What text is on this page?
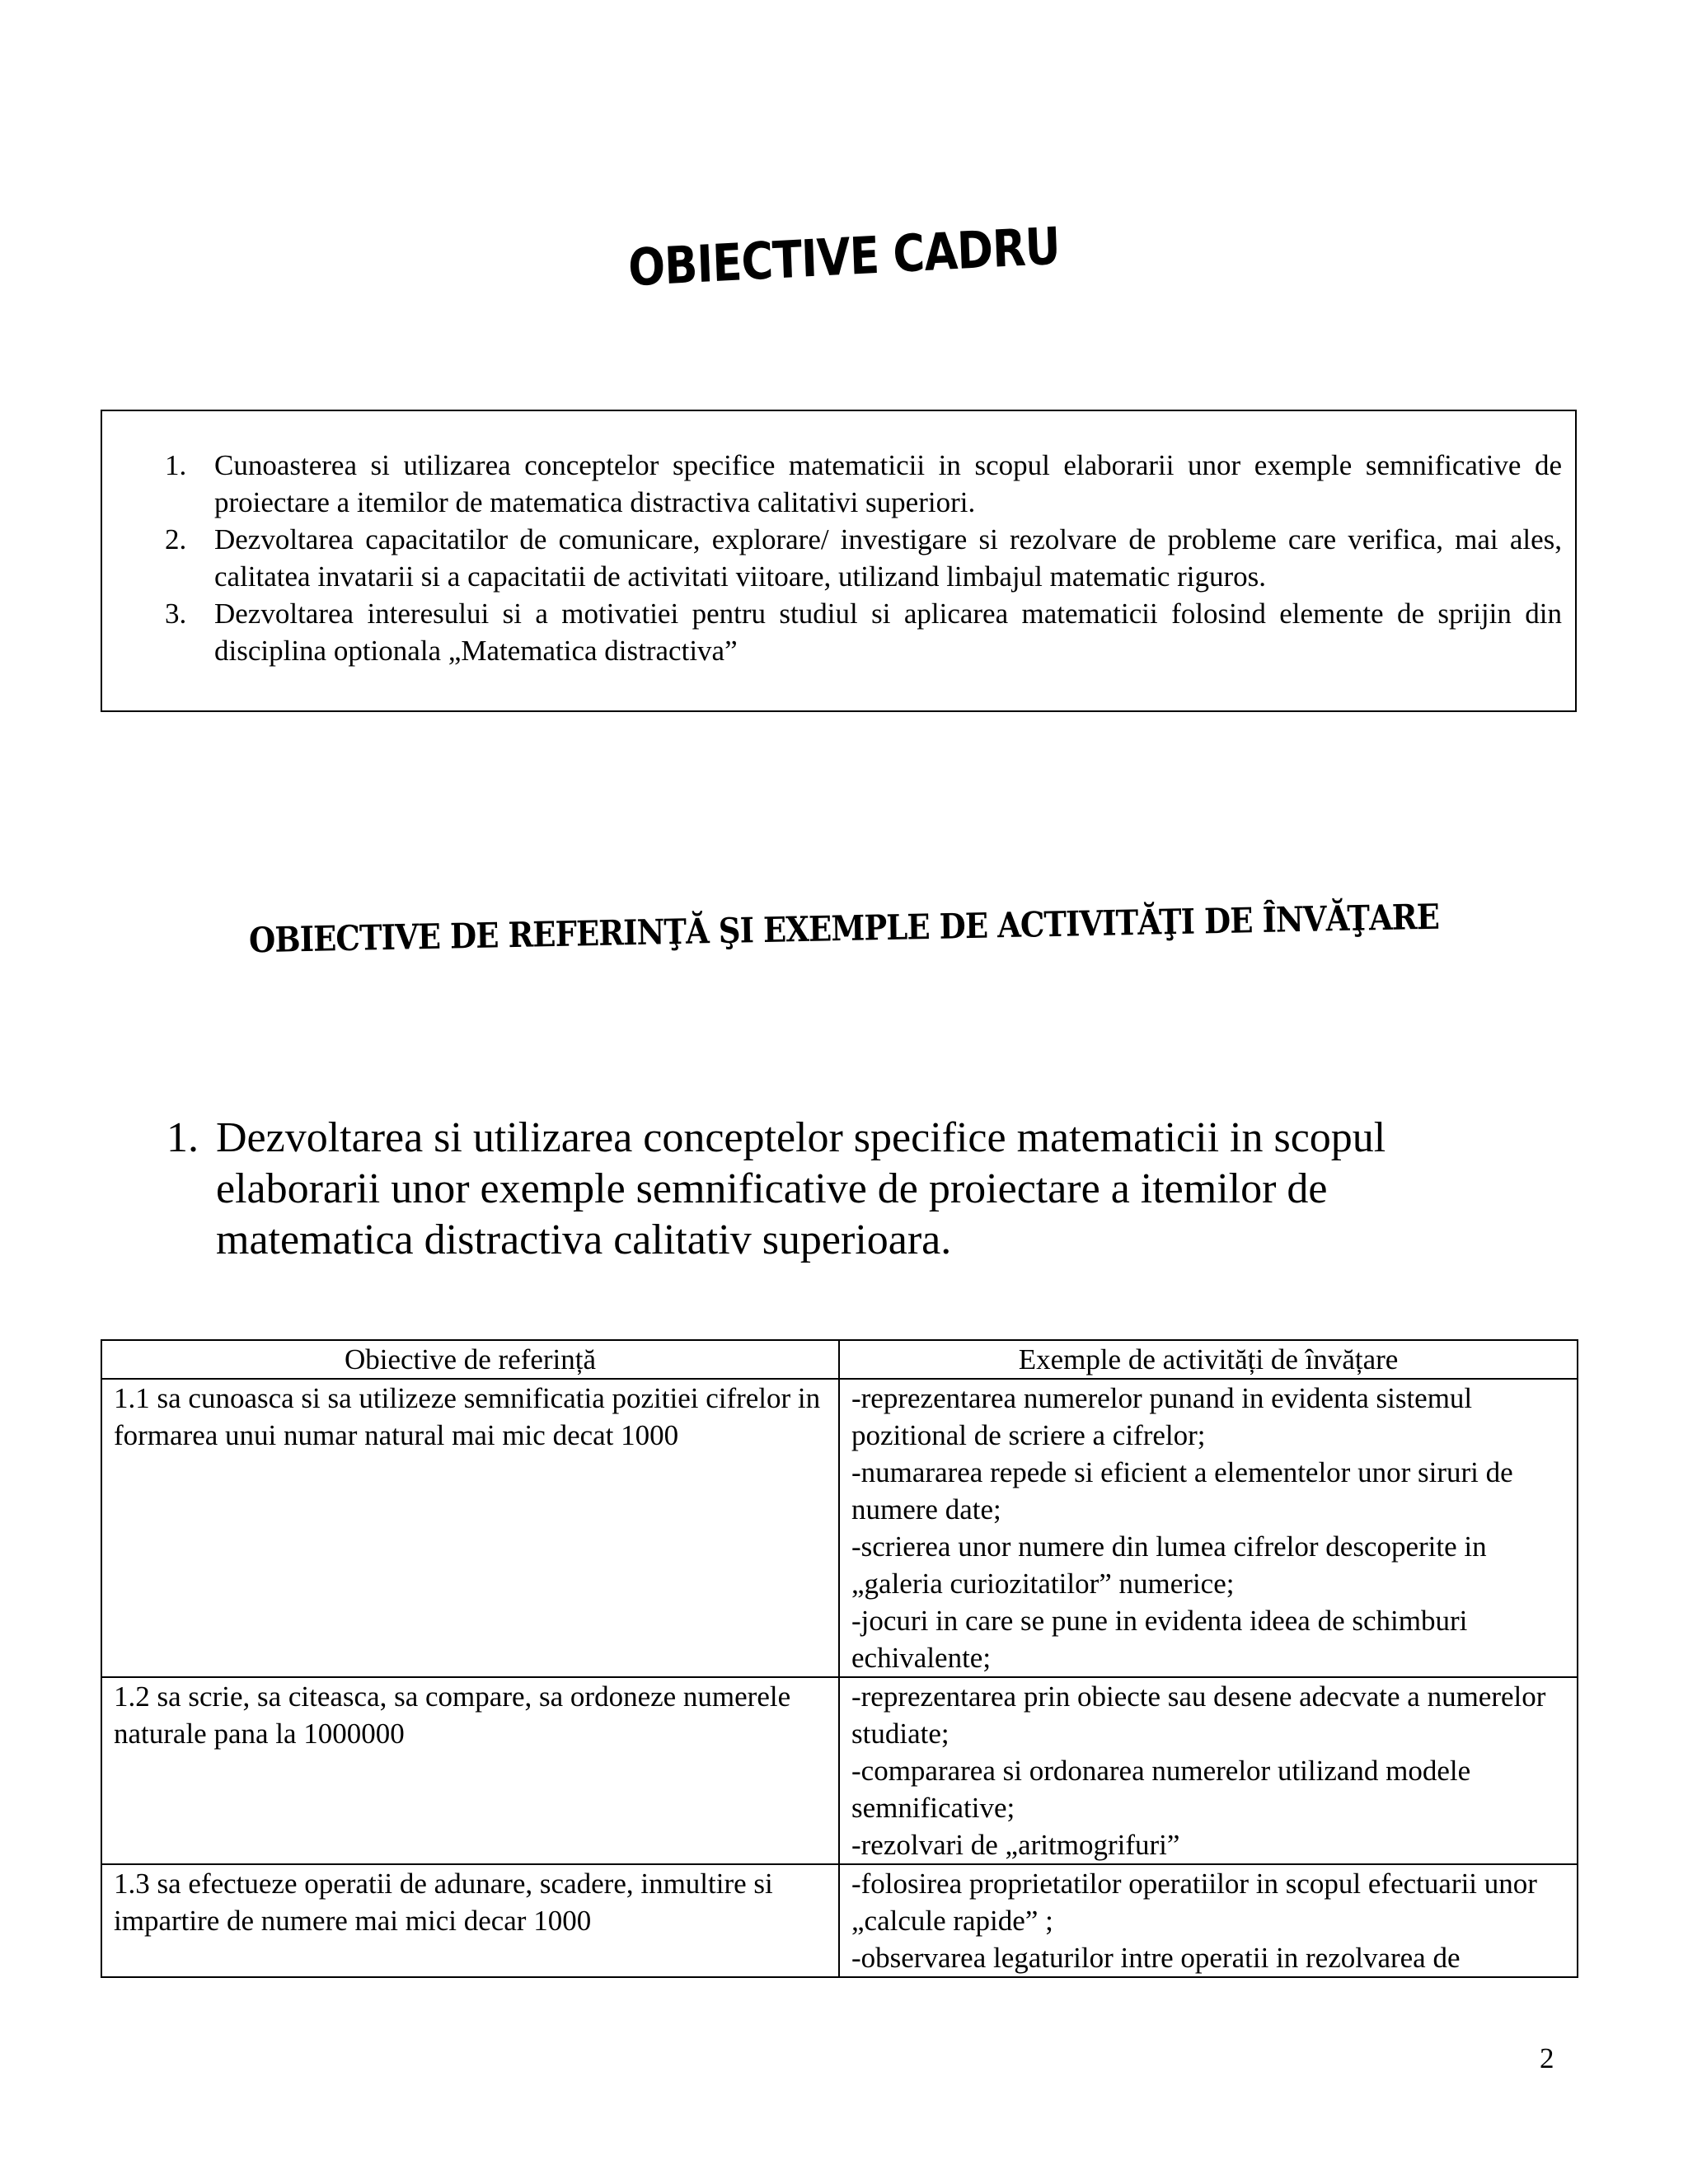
OBIECTIVE CADRU
1. Cunoasterea si utilizarea conceptelor specifice matematicii in scopul elaborarii unor exemple semnificative de proiectare a itemilor de matematica distractiva calitativi superiori.
2. Dezvoltarea capacitatilor de comunicare, explorare/ investigare si rezolvare de probleme care verifica, mai ales, calitatea invatarii si a capacitatii de activitati viitoare, utilizand limbajul matematic riguros.
3. Dezvoltarea interesului si a motivatiei pentru studiul si aplicarea matematicii folosind elemente de sprijin din disciplina optionala „Matematica distractiva”
OBIECTIVE DE REFERINŢĂ ŞI EXEMPLE DE ACTIVITĂŢI DE ÎNVĂŢARE
1. Dezvoltarea si utilizarea conceptelor specifice matematicii in scopul elaborarii unor exemple semnificative de proiectare a itemilor de matematica distractiva calitativ superioara.
Obiective de referință	Exemple de activități de învățare
1.1 sa cunoasca si sa utilizeze semnificatia pozitiei cifrelor in formarea unui numar natural mai mic decat 1000	-reprezentarea numerelor punand in evidenta sistemul pozitional de scriere a cifrelor;
-numararea repede si eficient a elementelor unor siruri de numere date;
-scrierea unor numere din lumea cifrelor descoperite in „galeria curiozitatilor” numerice;
-jocuri in care se pune in evidenta ideea de schimburi echivalente;

1.2 sa scrie, sa citeasca, sa compare, sa ordoneze numerele naturale pana la 1000000	-reprezentarea prin obiecte sau desene adecvate a numerelor studiate;
-compararea si ordonarea numerelor utilizand modele semnificative;
-rezolvari de „aritmogrifuri”

1.3 sa efectueze operatii de adunare, scadere, inmultire si impartire de numere mai mici decar 1000	-folosirea proprietatilor operatiilor in scopul efectuarii unor „calcule rapide” ;
-observarea legaturilor intre operatii in rezolvarea de
2
